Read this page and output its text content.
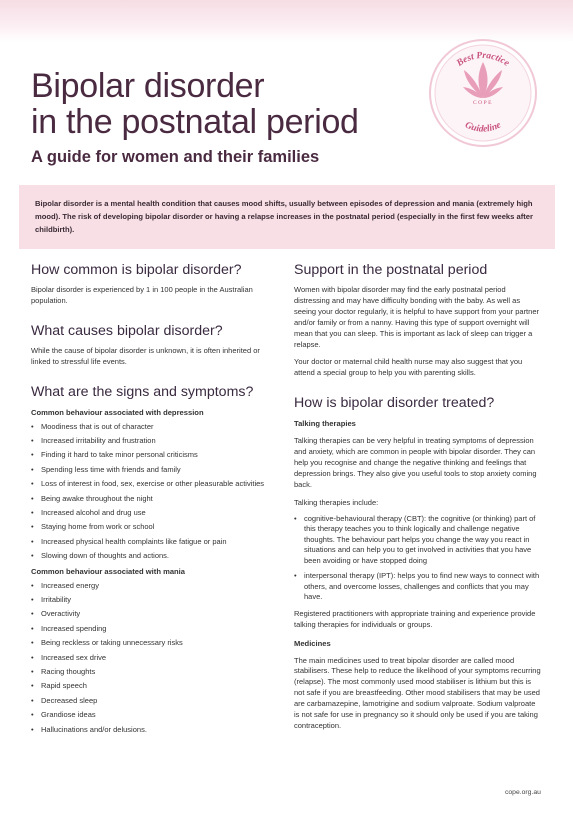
Bipolar disorder
in the postnatal period
A guide for women and their families
Best Practice
COPE
Guideline

Bipolar disorder is a mental health condition that causes mood shifts, usually between episodes of depression and mania (extremely high mood). The risk of developing bipolar disorder or having a relapse increases in the postnatal period (especially in the first few weeks after childbirth).

How common is bipolar disorder?

Bipolar disorder is experienced by 1 in 100 people in the Australian population.

What causes bipolar disorder?

While the cause of bipolar disorder is unknown, it is often inherited or linked to stressful life events.

What are the signs and symptoms?
Common behaviour associated with depression
• Moodiness that is out of character
• Increased irritability and frustration
• Finding it hard to take minor personal criticisms
• Spending less time with friends and family
• Loss of interest in food, sex, exercise or other pleasurable activities
• Being awake throughout the night
• Increased alcohol and drug use
• Staying home from work or school
• Increased physical health complaints like fatigue or pain
• Slowing down of thoughts and actions.
Common behaviour associated with mania
• Increased energy
• Irritability
• Overactivity
• Increased spending
• Being reckless or taking unnecessary risks
• Increased sex drive
• Racing thoughts
• Rapid speech
• Decreased sleep
• Grandiose ideas
• Hallucinations and/or delusions.
Support in the postnatal period

Women with bipolar disorder may find the early postnatal period distressing and may have difficulty bonding with the baby. As well as seeing your doctor regularly, it is helpful to have support from your partner and/or family or from a nanny. Having this type of support overnight will mean that you can sleep. This is important as lack of sleep can trigger a relapse.

Your doctor or maternal child health nurse may also suggest that you attend a special group to help you with parenting skills.

How is bipolar disorder treated?
Talking therapies

Talking therapies can be very helpful in treating symptoms of depression and anxiety, which are common in people with bipolar disorder. They can help you recognise and change the negative thinking and feelings that depression brings. They also give you useful tools to stop anxiety coming back.

Talking therapies include:

• cognitive-behavioural therapy (CBT): the cognitive (or thinking) part of this therapy teaches you to think logically and challenge negative thoughts. The behaviour part helps you change the way you react in situations and can help you to get involved in activities that you have been avoiding or have stopped doing
• interpersonal therapy (IPT): helps you to find new ways to connect with others, and overcome losses, challenges and conflicts that you may have.

Registered practitioners with appropriate training and experience provide talking therapies for individuals or groups.

Medicines

The main medicines used to treat bipolar disorder are called mood stabilisers. These help to reduce the likelihood of your symptoms recurring (relapse). The most commonly used mood stabiliser is lithium but this is not safe if you are breastfeeding. Other mood stabilisers that may be used are carbamazepine, lamotrigine and sodium valproate. Sodium valproate is not safe for use in pregnancy so it should only be used if you are taking contraception.

cope.org.au
